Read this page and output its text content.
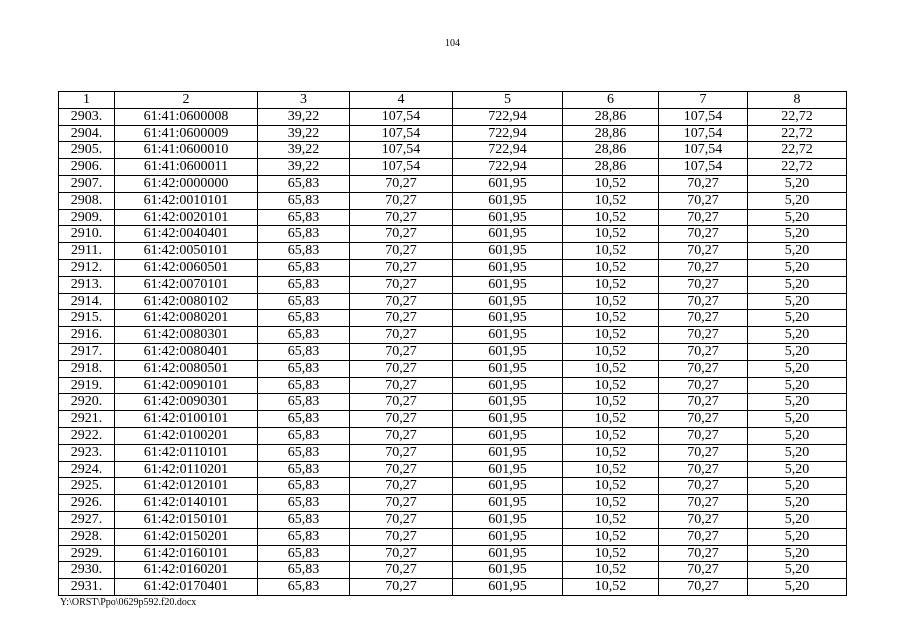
104
1	2	3	4	5	6	7	8
2903.	61:41:0600008	39,22	107,54	722,94	28,86	107,54	22,72
2904.	61:41:0600009	39,22	107,54	722,94	28,86	107,54	22,72
2905.	61:41:0600010	39,22	107,54	722,94	28,86	107,54	22,72
2906.	61:41:0600011	39,22	107,54	722,94	28,86	107,54	22,72
2907.	61:42:0000000	65,83	70,27	601,95	10,52	70,27	5,20
2908.	61:42:0010101	65,83	70,27	601,95	10,52	70,27	5,20
2909.	61:42:0020101	65,83	70,27	601,95	10,52	70,27	5,20
2910.	61:42:0040401	65,83	70,27	601,95	10,52	70,27	5,20
2911.	61:42:0050101	65,83	70,27	601,95	10,52	70,27	5,20
2912.	61:42:0060501	65,83	70,27	601,95	10,52	70,27	5,20
2913.	61:42:0070101	65,83	70,27	601,95	10,52	70,27	5,20
2914.	61:42:0080102	65,83	70,27	601,95	10,52	70,27	5,20
2915.	61:42:0080201	65,83	70,27	601,95	10,52	70,27	5,20
2916.	61:42:0080301	65,83	70,27	601,95	10,52	70,27	5,20
2917.	61:42:0080401	65,83	70,27	601,95	10,52	70,27	5,20
2918.	61:42:0080501	65,83	70,27	601,95	10,52	70,27	5,20
2919.	61:42:0090101	65,83	70,27	601,95	10,52	70,27	5,20
2920.	61:42:0090301	65,83	70,27	601,95	10,52	70,27	5,20
2921.	61:42:0100101	65,83	70,27	601,95	10,52	70,27	5,20
2922.	61:42:0100201	65,83	70,27	601,95	10,52	70,27	5,20
2923.	61:42:0110101	65,83	70,27	601,95	10,52	70,27	5,20
2924.	61:42:0110201	65,83	70,27	601,95	10,52	70,27	5,20
2925.	61:42:0120101	65,83	70,27	601,95	10,52	70,27	5,20
2926.	61:42:0140101	65,83	70,27	601,95	10,52	70,27	5,20
2927.	61:42:0150101	65,83	70,27	601,95	10,52	70,27	5,20
2928.	61:42:0150201	65,83	70,27	601,95	10,52	70,27	5,20
2929.	61:42:0160101	65,83	70,27	601,95	10,52	70,27	5,20
2930.	61:42:0160201	65,83	70,27	601,95	10,52	70,27	5,20
2931.	61:42:0170401	65,83	70,27	601,95	10,52	70,27	5,20
Y:\ORST\Ppo\0629p592.f20.docx
